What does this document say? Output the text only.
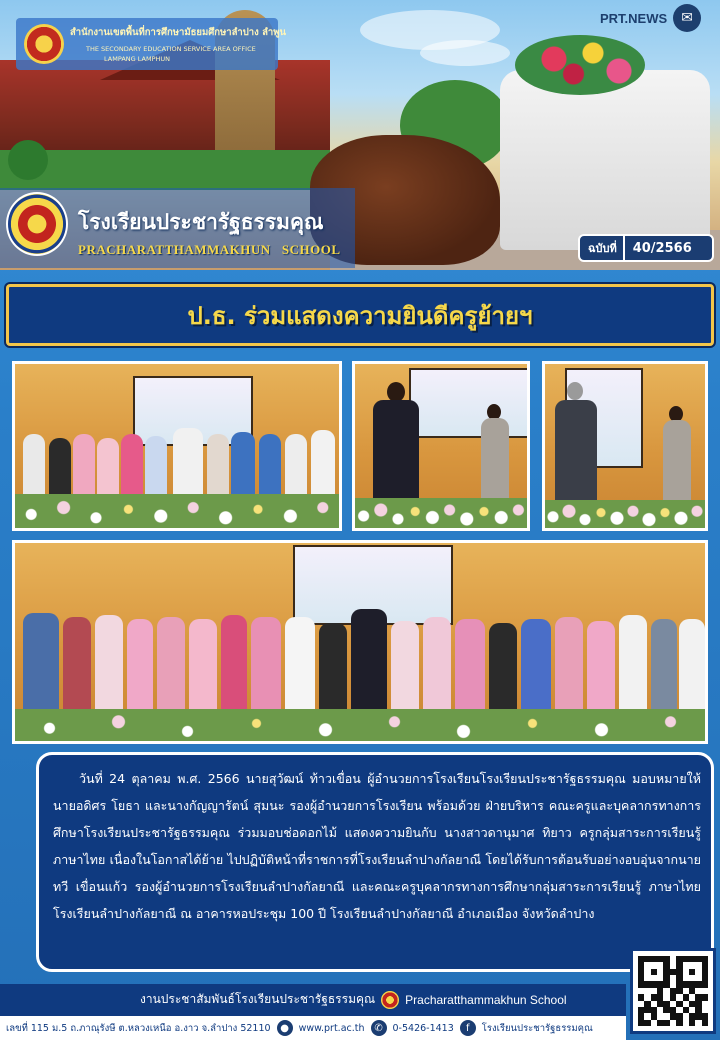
สำนักงานเขตพื้นที่การศึกษามัธยมศึกษาลำปาง ลำพูน
THE SECONDARY EDUCATION SERVICE AREA OFFICE
LAMPANG LAMPHUN
PRT.NEWS	✉
โรงเรียนประชารัฐธรรมคุณ
PRACHARATTHAMMAKHUN   SCHOOL	ฉบับที่	40/2566
ป.ธ. ร่วมแสดงความยินดีครูย้ายฯ

วันที่ 24 ตุลาคม พ.ศ. 2566 นายสุวัฒน์ ท้าวเขื่อน ผู้อำนวยการโรงเรียนโรงเรียนประชารัฐธรรมคุณ มอบหมายให้นายอดิศร โยธา และนางกัญญารัตน์ สุมนะ รองผู้อำนวยการโรงเรียน พร้อมด้วย ฝ่ายบริหาร คณะครูและบุคลากรทางการศึกษาโรงเรียนประชารัฐธรรมคุณ ร่วมมอบช่อดอกไม้ แสดงความยินกับ นางสาวดานุมาศ ทิยาว ครูกลุ่มสาระการเรียนรู้ภาษาไทย เนื่องในโอกาสได้ย้าย ไปปฏิบัติหน้าที่ราชการที่โรงเรียนลำปางกัลยาณี โดยได้รับการต้อนรับอย่างอบอุ่นจากนายทวี เขื่อนแก้ว รองผู้อำนวยการโรงเรียนลำปางกัลยาณี และคณะครูบุคลากรทางการศึกษากลุ่มสาระการเรียนรู้ ภาษาไทย โรงเรียนลำปางกัลยาณี ณ อาคารหอประชุม 100 ปี โรงเรียนลำปางกัลยาณี อำเภอเมือง จังหวัดลำปาง

งานประชาสัมพันธ์โรงเรียนประชารัฐธรรมคุณ	Pracharatthammakhun School
เลขที่ 115 ม.5 ถ.ภาณุรังษี ต.หลวงเหนือ อ.งาว จ.ลำปาง 52110 ●	www.prt.ac.th ✆	0-5426-1413	f	โรงเรียนประชารัฐธรรมคุณ
